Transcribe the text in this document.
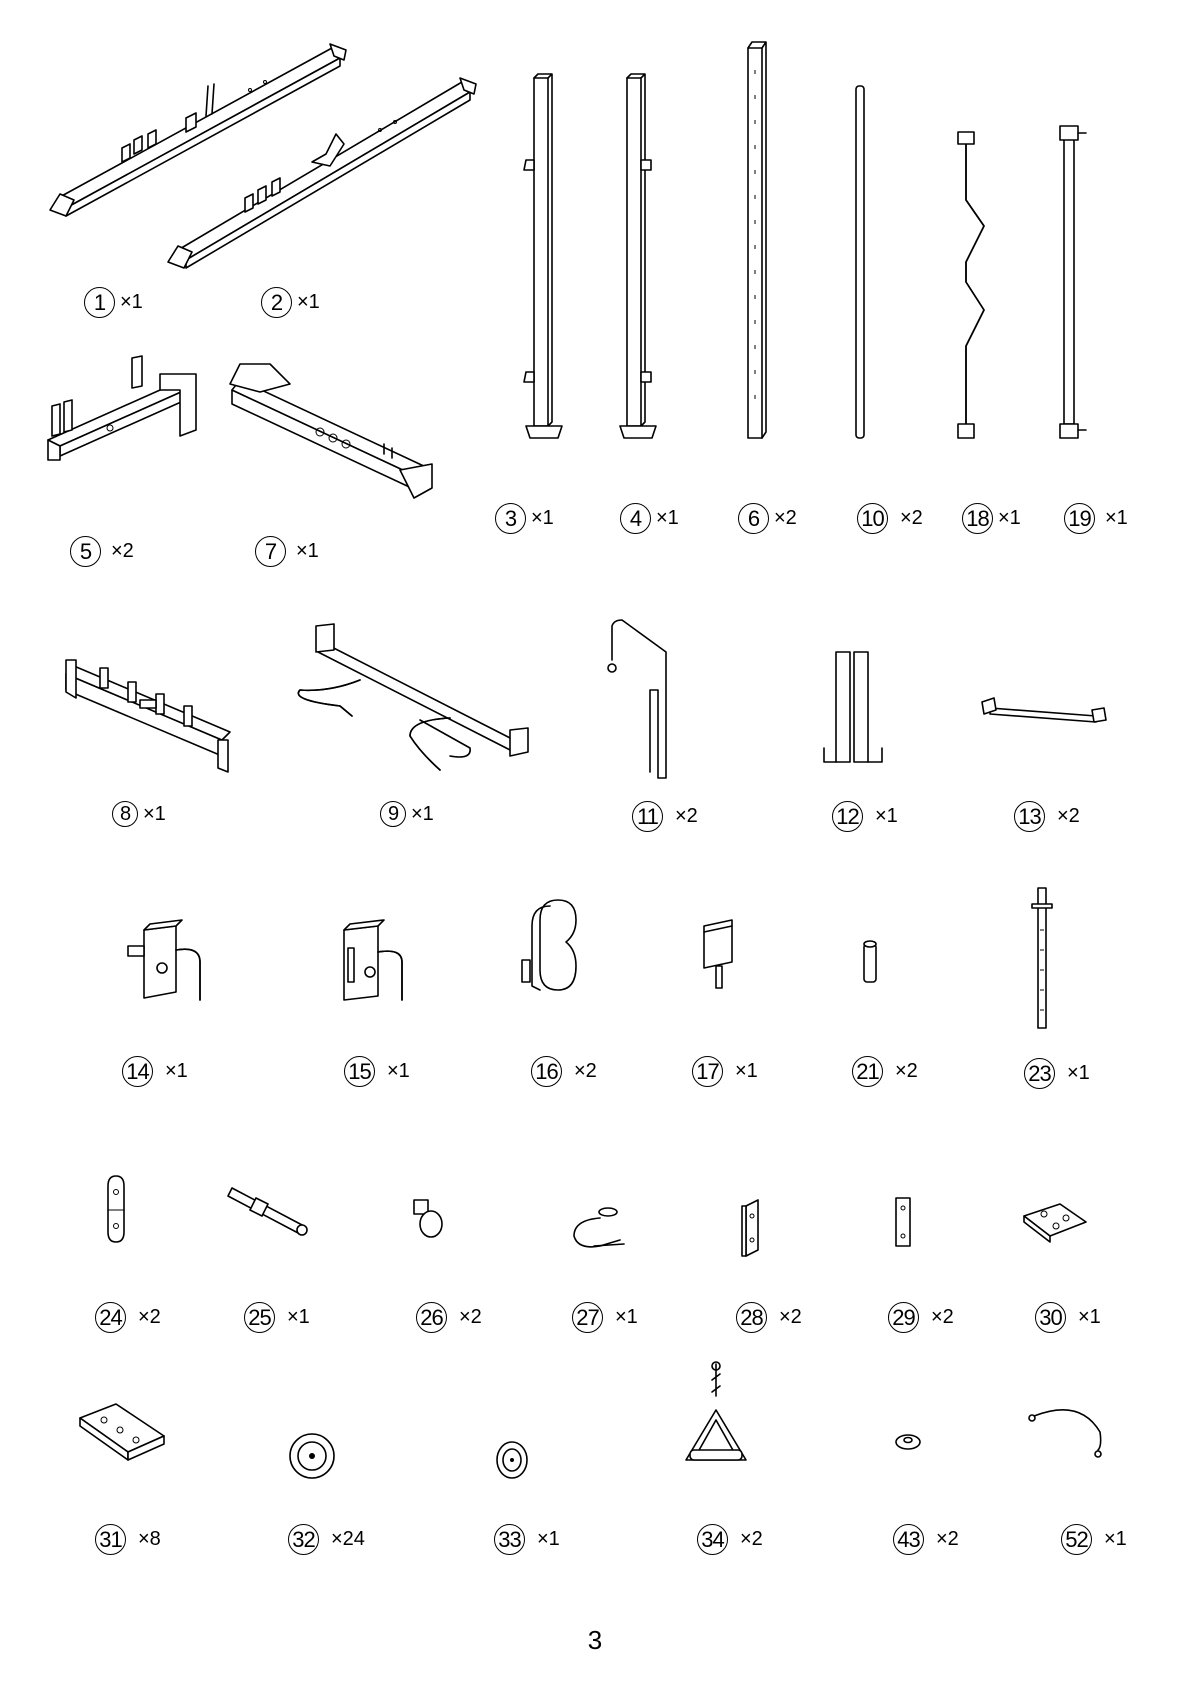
1 ×1	2 ×1
5 ×2	7 ×1
3 ×1	4 ×1	6 ×2	10 ×2 18 ×1 19 ×1
8 ×1	9 ×1	11 ×2	12 ×1	13 ×2
14 ×1	15 ×1	16 ×2	17 ×1	21 ×2	23 ×1
24 ×2	25 ×1	26 ×2	27 ×1	28 ×2	29 ×2	30 ×1
31 ×8	32 ×24	33 ×1	34 ×2	43 ×2	52 ×1
3
